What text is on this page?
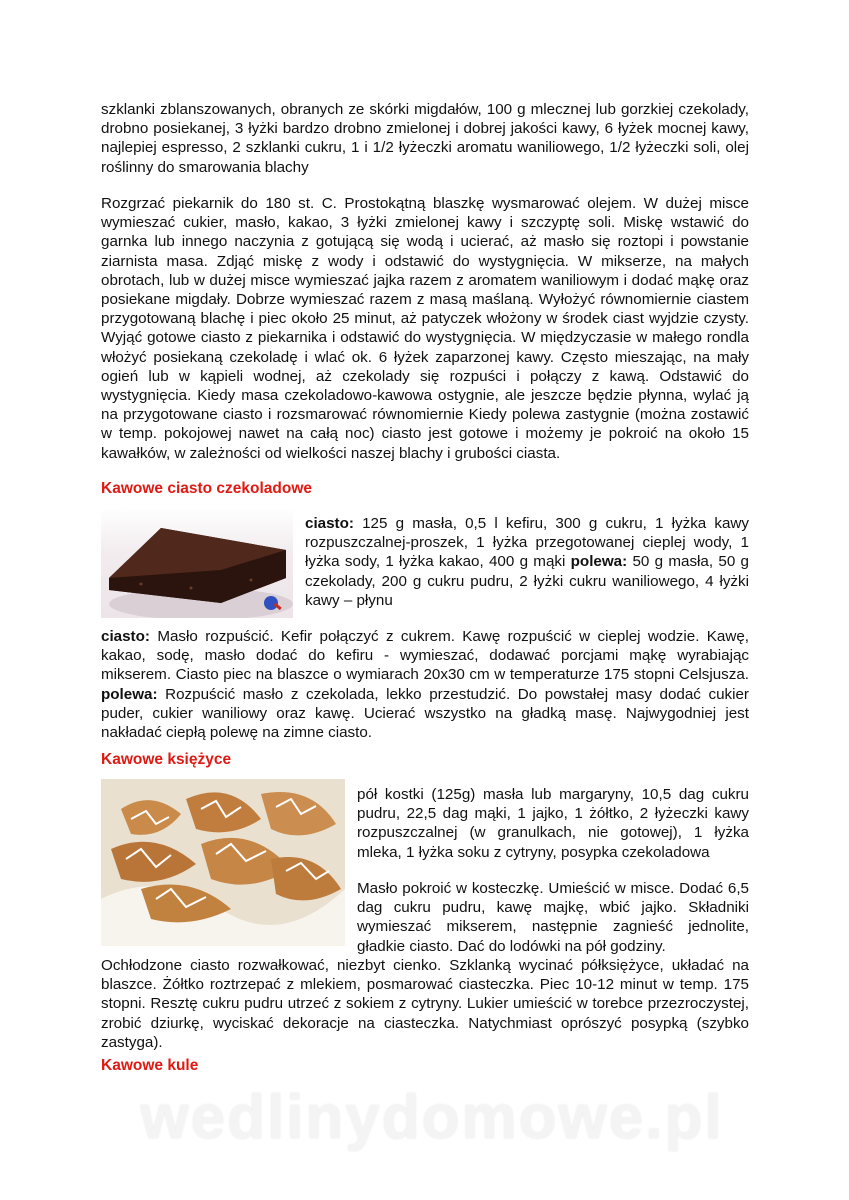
szklanki zblanszowanych, obranych ze skórki migdałów, 100 g mlecznej lub gorzkiej czekolady, drobno posiekanej, 3 łyżki bardzo drobno zmielonej i dobrej jakości kawy, 6 łyżek mocnej kawy, najlepiej espresso, 2 szklanki cukru, 1 i 1/2 łyżeczki aromatu waniliowego, 1/2 łyżeczki soli, olej roślinny do smarowania blachy

Rozgrzać piekarnik do 180 st. C. Prostokątną blaszkę wysmarować olejem. W dużej misce wymieszać cukier, masło, kakao, 3 łyżki zmielonej kawy i szczyptę soli. Miskę wstawić do garnka lub innego naczynia z gotującą się wodą i ucierać, aż masło się roztopi i powstanie ziarnista masa. Zdjąć miskę z wody i odstawić do wystygnięcia. W mikserze, na małych obrotach, lub w dużej misce wymieszać jajka razem z aromatem waniliowym i dodać mąkę oraz posiekane migdały. Dobrze wymieszać razem z masą maślaną. Wyłożyć równomiernie ciastem przygotowaną blachę i piec około 25 minut, aż patyczek włożony w środek ciast wyjdzie czysty. Wyjąć gotowe ciasto z piekarnika i odstawić do wystygnięcia. W międzyczasie w małego rondla włożyć posiekaną czekoladę i wlać ok. 6 łyżek zaparzonej kawy. Często mieszając, na mały ogień lub w kąpieli wodnej, aż czekolady się rozpuści i połączy z kawą. Odstawić do wystygnięcia. Kiedy masa czekoladowo-kawowa ostygnie, ale jeszcze będzie płynna, wylać ją na przygotowane ciasto i rozsmarować równomiernie Kiedy polewa zastygnie (można zostawić w temp. pokojowej nawet na całą noc) ciasto jest gotowe i możemy je pokroić na około 15 kawałków, w zależności od wielkości naszej blachy i grubości ciasta.

Kawowe ciasto czekoladowe

ciasto: 125 g masła, 0,5 l kefiru, 300 g cukru, 1 łyżka kawy rozpuszczalnej-proszek, 1 łyżka przegotowanej cieplej wody, 1 łyżka sody, 1 łyżka kakao, 400 g mąki polewa: 50 g masła, 50 g czekolady, 200 g cukru pudru, 2 łyżki cukru waniliowego, 4 łyżki kawy – płynu

ciasto: Masło rozpuścić. Kefir połączyć z cukrem. Kawę rozpuścić w cieplej wodzie. Kawę, kakao, sodę, masło dodać do kefiru - wymieszać, dodawać porcjami mąkę wyrabiając mikserem. Ciasto piec na blaszce o wymiarach 20x30 cm w temperaturze 175 stopni Celsjusza. polewa: Rozpuścić masło z czekolada, lekko przestudzić. Do powstałej masy dodać cukier puder, cukier waniliowy oraz kawę. Ucierać wszystko na gładką masę. Najwygodniej jest nakładać ciepłą polewę na zimne ciasto.

Kawowe księżyce

pół kostki (125g) masła lub margaryny, 10,5 dag cukru pudru, 22,5 dag mąki, 1 jajko, 1 żółtko, 2 łyżeczki kawy rozpuszczalnej (w granulkach, nie gotowej), 1 łyżka mleka, 1 łyżka soku z cytryny, posypka czekoladowa

Masło pokroić w kosteczkę. Umieścić w misce. Dodać 6,5 dag cukru pudru, kawę majkę, wbić jajko. Składniki wymieszać mikserem, następnie zagnieść jednolite, gładkie ciasto. Dać do lodówki na pół godziny.

Ochłodzone ciasto rozwałkować, niezbyt cienko. Szklanką wycinać półksiężyce, układać na blaszce. Żółtko roztrzepać z mlekiem, posmarować ciasteczka. Piec 10-12 minut w temp. 175 stopni. Resztę cukru pudru utrzeć z sokiem z cytryny. Lukier umieścić w torebce przezroczystej, zrobić dziurkę, wyciskać dekoracje na ciasteczka. Natychmiast oprószyć posypką (szybko zastyga).

Kawowe kule
wedlinydomowe.pl
